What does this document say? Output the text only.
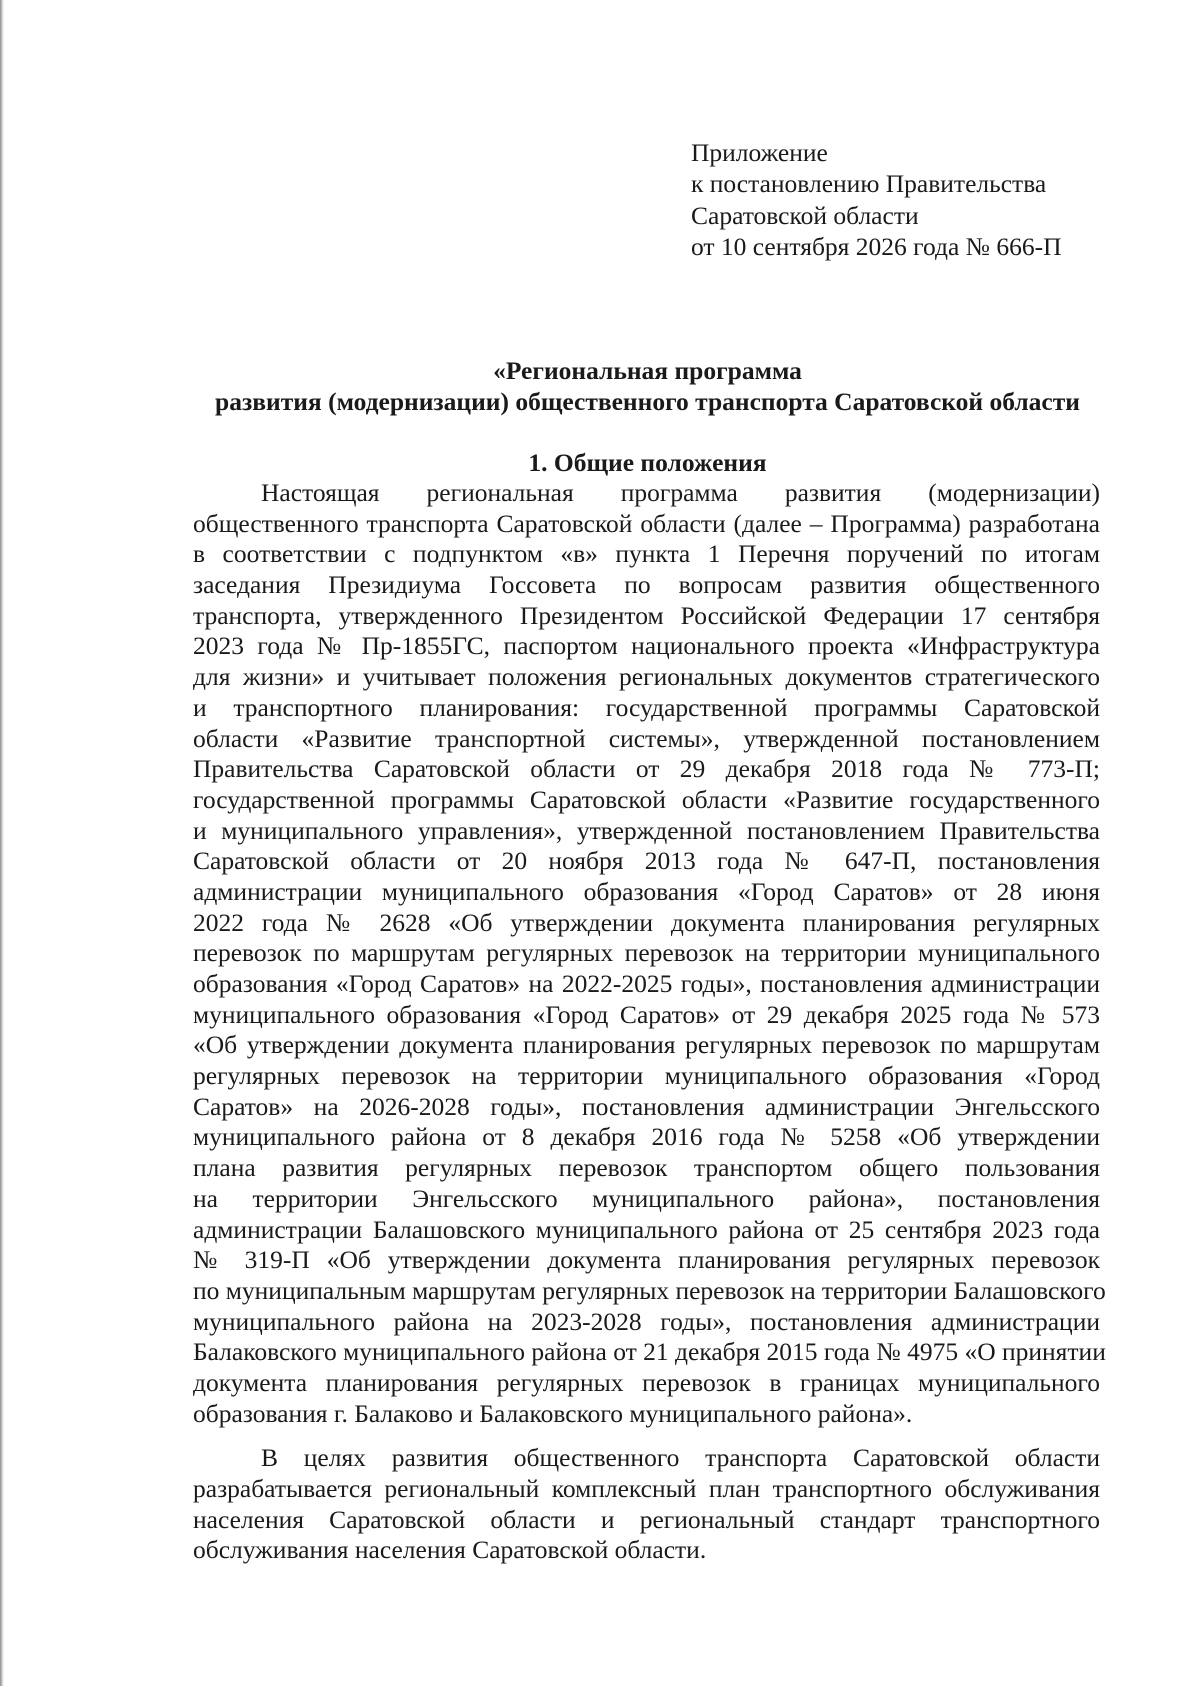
Приложение
к постановлению Правительства
Саратовской области
от 10 сентября 2026 года № 666-П
«Региональная программа
развития (модернизации) общественного транспорта Саратовской области
1. Общие положения
Настоящая региональная программа развития (модернизации)
общественного транспорта Саратовской области (далее – Программа) разработана
в соответствии с подпунктом «в» пункта 1 Перечня поручений по итогам
заседания Президиума Госсовета по вопросам развития общественного
транспорта, утвержденного Президентом Российской Федерации 17 сентября
2023 года № Пр-1855ГС, паспортом национального проекта «Инфраструктура
для жизни» и учитывает положения региональных документов стратегического
и транспортного планирования: государственной программы Саратовской
области «Развитие транспортной системы», утвержденной постановлением
Правительства Саратовской области от 29 декабря 2018 года № 773-П;
государственной программы Саратовской области «Развитие государственного
и муниципального управления», утвержденной постановлением Правительства
Саратовской области от 20 ноября 2013 года № 647-П, постановления
администрации муниципального образования «Город Саратов» от 28 июня
2022 года № 2628 «Об утверждении документа планирования регулярных
перевозок по маршрутам регулярных перевозок на территории муниципального
образования «Город Саратов» на 2022-2025 годы», постановления администрации
муниципального образования «Город Саратов» от 29 декабря 2025 года № 573
«Об утверждении документа планирования регулярных перевозок по маршрутам
регулярных перевозок на территории муниципального образования «Город
Саратов» на 2026-2028 годы», постановления администрации Энгельсского
муниципального района от 8 декабря 2016 года № 5258 «Об утверждении
плана развития регулярных перевозок транспортом общего пользования
на территории Энгельсского муниципального района», постановления
администрации Балашовского муниципального района от 25 сентября 2023 года
№ 319-П «Об утверждении документа планирования регулярных перевозок
по муниципальным маршрутам регулярных перевозок на территории Балашовского
муниципального района на 2023-2028 годы», постановления администрации
Балаковского муниципального района от 21 декабря 2015 года № 4975 «О принятии
документа планирования регулярных перевозок в границах муниципального
образования г. Балаково и Балаковского муниципального района».
В целях развития общественного транспорта Саратовской области
разрабатывается региональный комплексный план транспортного обслуживания
населения Саратовской области и региональный стандарт транспортного
обслуживания населения Саратовской области.
